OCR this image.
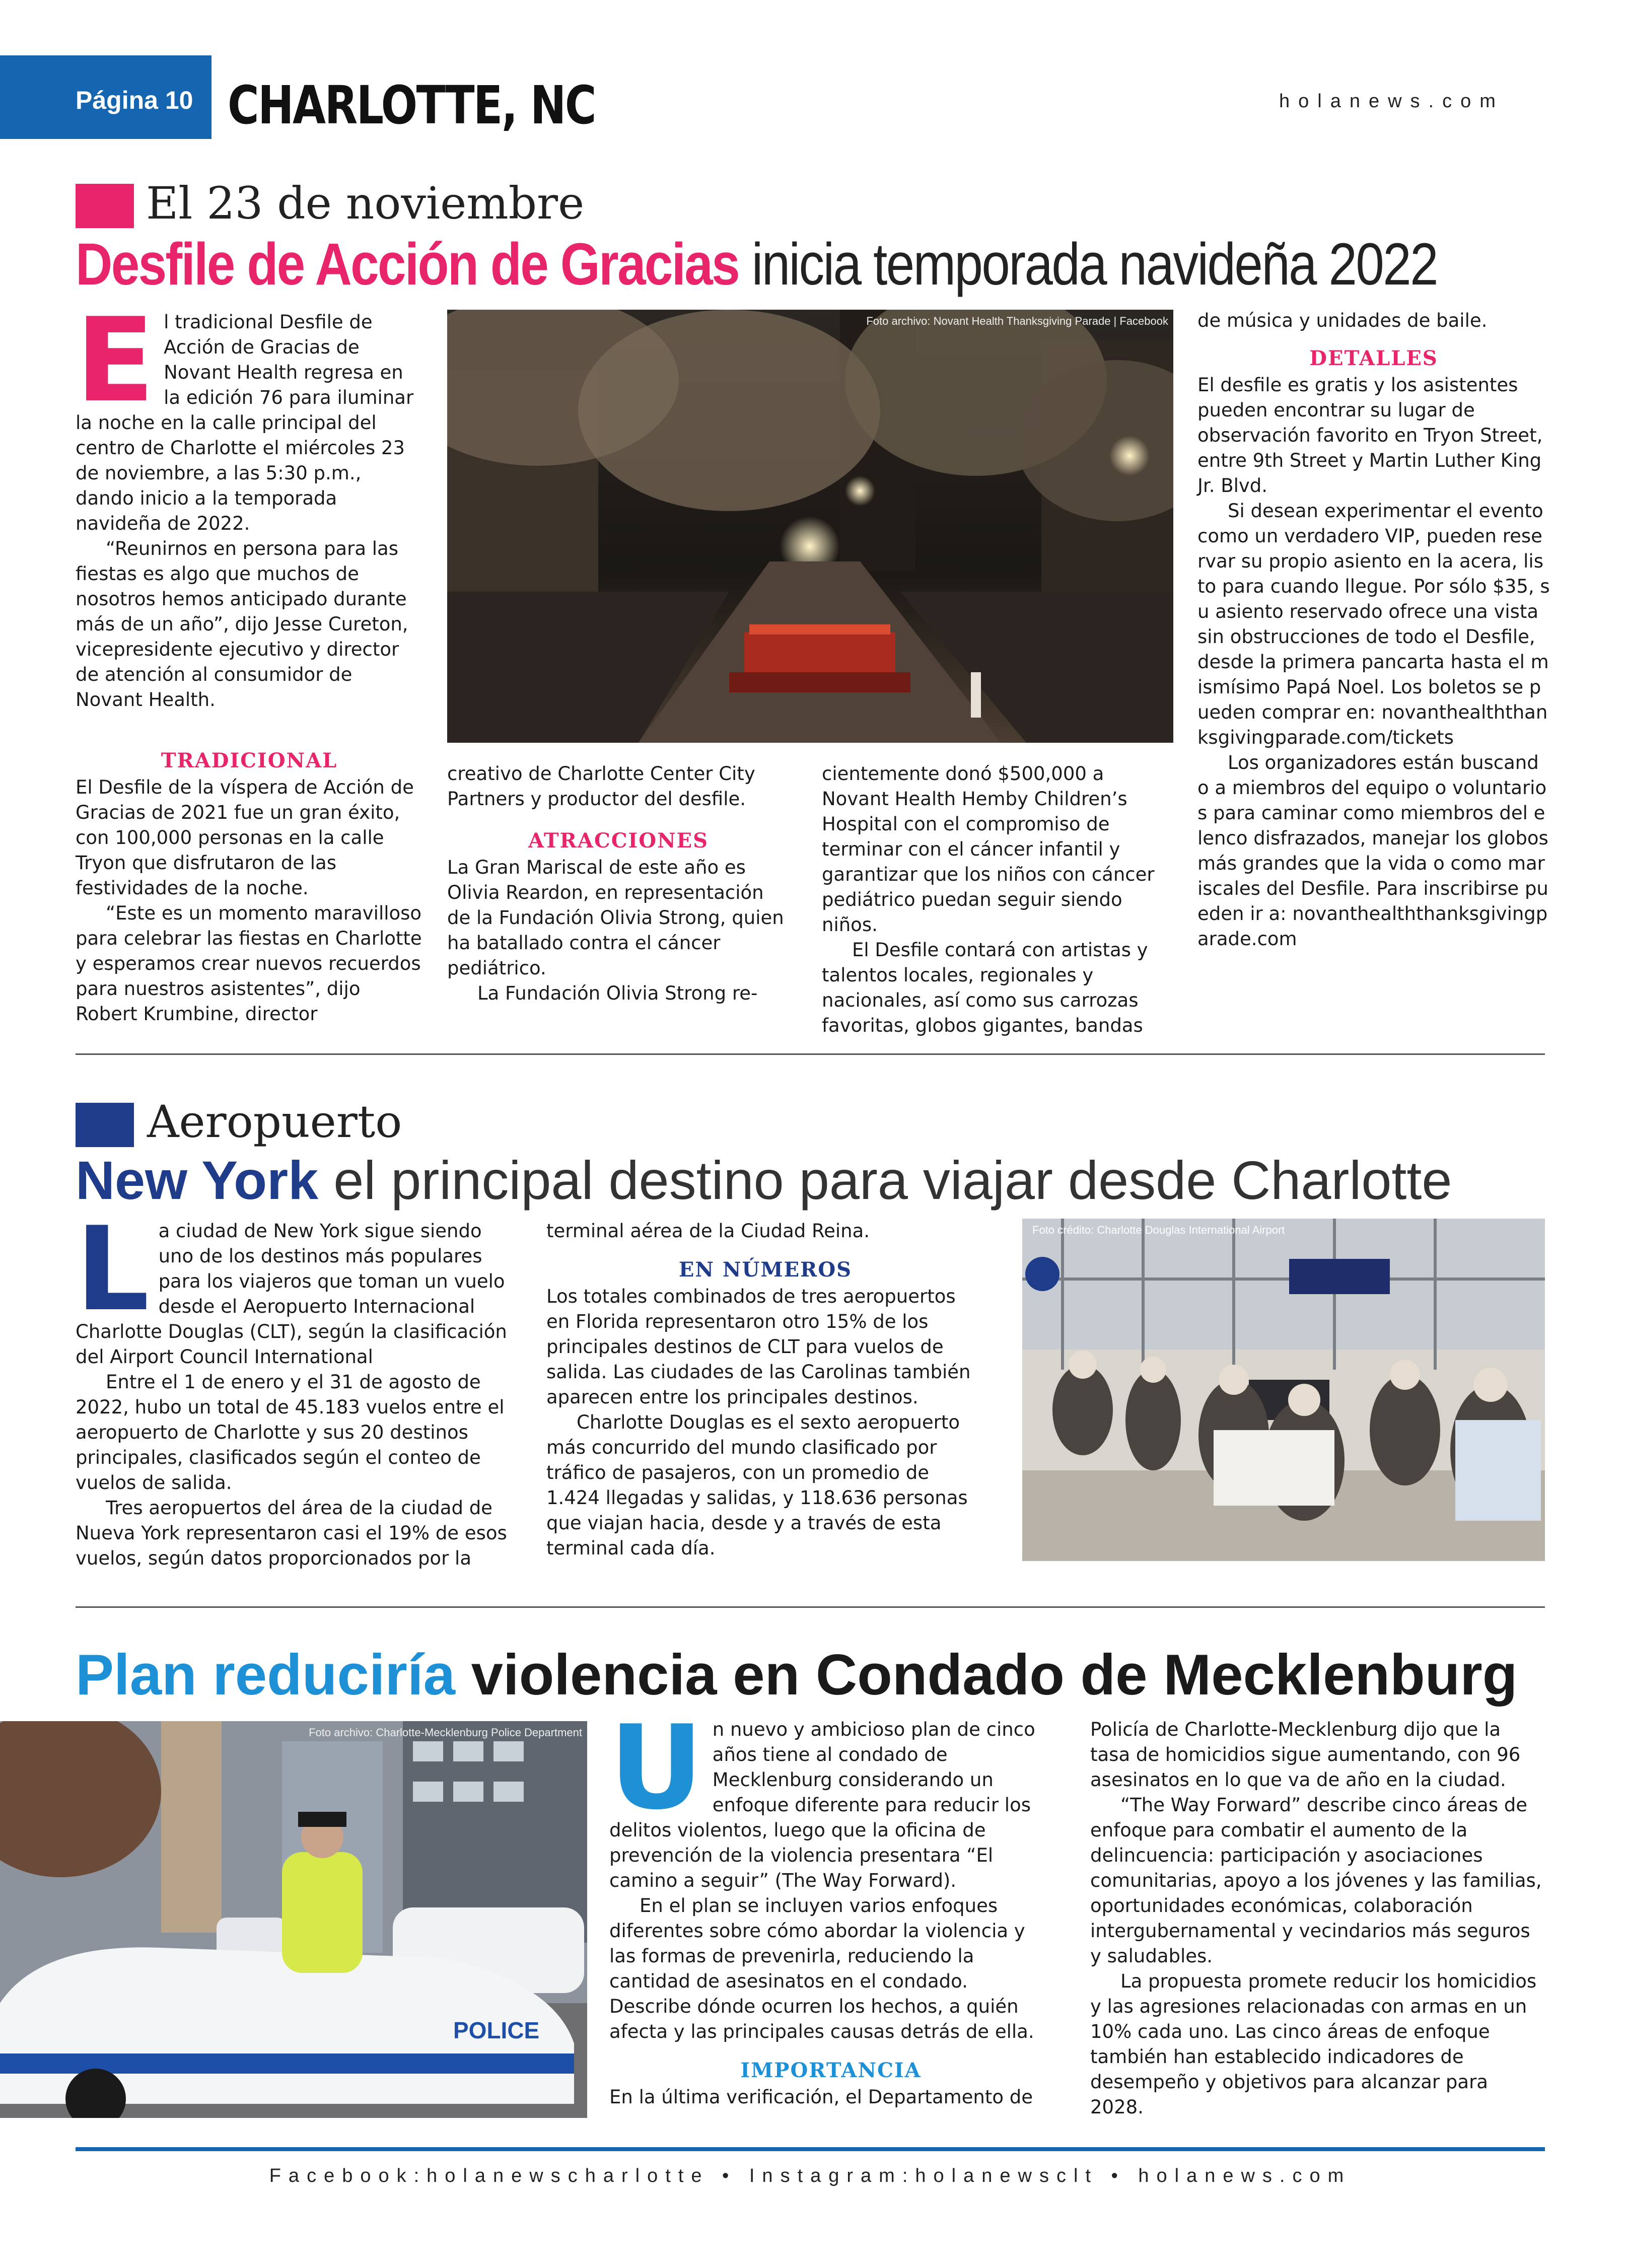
Página 10 CHARLOTTE, NC	holanews.com
El 23 de noviembre
Desfile de Acción de Gracias inicia temporada navideña 2022
E l tradicional Desfile de Acción de Gracias de Novant Health regresa en la edición 76 para iluminar la noche en la calle principal del centro de Charlotte el miércoles 23 de noviembre, a las 5:30 p.m., dando inicio a la temporada navideña de 2022.

“Reunirnos en persona para las fiestas es algo que muchos de nosotros hemos anticipado durante más de un año”, dijo Jesse Cureton, vicepresidente ejecutivo y director de atención al consumidor de Novant Health.

Foto archivo: Novant Health Thanksgiving Parade | Facebook
TRADICIONAL

El Desfile de la víspera de Acción de Gracias de 2021 fue un gran éxito, con 100,000 personas en la calle Tryon que disfrutaron de las festividades de la noche.

“Este es un momento maravilloso para celebrar las fiestas en Charlotte y esperamos crear nuevos recuerdos para nuestros asistentes”, dijo Robert Krumbine, director

creativo de Charlotte Center City Partners y productor del desfile.

ATRACCIONES

La Gran Mariscal de este año es Olivia Reardon, en representación de la Fundación Olivia Strong, quien ha batallado contra el cáncer pediátrico.

La Fundación Olivia Strong re-

cientemente donó $500,000 a Novant Health Hemby Children’s Hospital con el compromiso de terminar con el cáncer infantil y garantizar que los niños con cáncer pediátrico puedan seguir siendo niños.

El Desfile contará con artistas y talentos locales, regionales y nacionales, así como sus carrozas favoritas, globos gigantes, bandas

de música y unidades de baile.

DETALLES

El desfile es gratis y los asistentes pueden encontrar su lugar de observación favorito en Tryon Street, entre 9th Street y Martin Luther King Jr. Blvd.

Si desean experimentar el evento como un verdadero VIP, pueden reservar su propio asiento en la acera, listo para cuando llegue. Por sólo $35, su asiento reservado ofrece una vista sin obstrucciones de todo el Desfile, desde la primera pancarta hasta el mismísimo Papá Noel. Los boletos se pueden comprar en: novanthealththanksgivingparade.com/tickets

Los organizadores están buscando a miembros del equipo o voluntarios para caminar como miembros del elenco disfrazados, manejar los globos más grandes que la vida o como mariscales del Desfile. Para inscribirse pueden ir a: novanthealththanksgivingparade.com

Aeropuerto
New York el principal destino para viajar desde Charlotte
L a ciudad de New York sigue siendo uno de los destinos más populares para los viajeros que toman un vuelo desde el Aeropuerto Internacional Charlotte Douglas (CLT), según la clasificación del Airport Council International

Entre el 1 de enero y el 31 de agosto de 2022, hubo un total de 45.183 vuelos entre el aeropuerto de Charlotte y sus 20 destinos principales, clasificados según el conteo de vuelos de salida.

Tres aeropuertos del área de la ciudad de Nueva York representaron casi el 19% de esos vuelos, según datos proporcionados por la

terminal aérea de la Ciudad Reina.

EN NÚMEROS

Los totales combinados de tres aeropuertos en Florida representaron otro 15% de los principales destinos de CLT para vuelos de salida. Las ciudades de las Carolinas también aparecen entre los principales destinos.

Charlotte Douglas es el sexto aeropuerto más concurrido del mundo clasificado por tráfico de pasajeros, con un promedio de 1.424 llegadas y salidas, y 118.636 personas que viajan hacia, desde y a través de esta terminal cada día.

Foto crédito: Charlotte Douglas International Airport
Plan reduciría violencia en Condado de Mecklenburg
POLICE
Foto archivo: Charlotte-Mecklenburg Police Department U n nuevo y ambicioso plan de cinco años tiene al condado de Mecklenburg considerando un enfoque diferente para reducir los delitos violentos, luego que la oficina de prevención de la violencia presentara “El camino a seguir” (The Way Forward).

En el plan se incluyen varios enfoques diferentes sobre cómo abordar la violencia y las formas de prevenirla, reduciendo la cantidad de asesinatos en el condado. Describe dónde ocurren los hechos, a quién afecta y las principales causas detrás de ella.

IMPORTANCIA

En la última verificación, el Departamento de

Policía de Charlotte-Mecklenburg dijo que la tasa de homicidios sigue aumentando, con 96 asesinatos en lo que va de año en la ciudad.

“The Way Forward” describe cinco áreas de enfoque para combatir el aumento de la delincuencia: participación y asociaciones comunitarias, apoyo a los jóvenes y las familias, oportunidades económicas, colaboración intergubernamental y vecindarios más seguros y saludables.

La propuesta promete reducir los homicidios y las agresiones relacionadas con armas en un 10% cada uno. Las cinco áreas de enfoque también han establecido indicadores de desempeño y objetivos para alcanzar para 2028.

Facebook:holanewscharlotte • Instagram:holanewsclt • holanews.com
